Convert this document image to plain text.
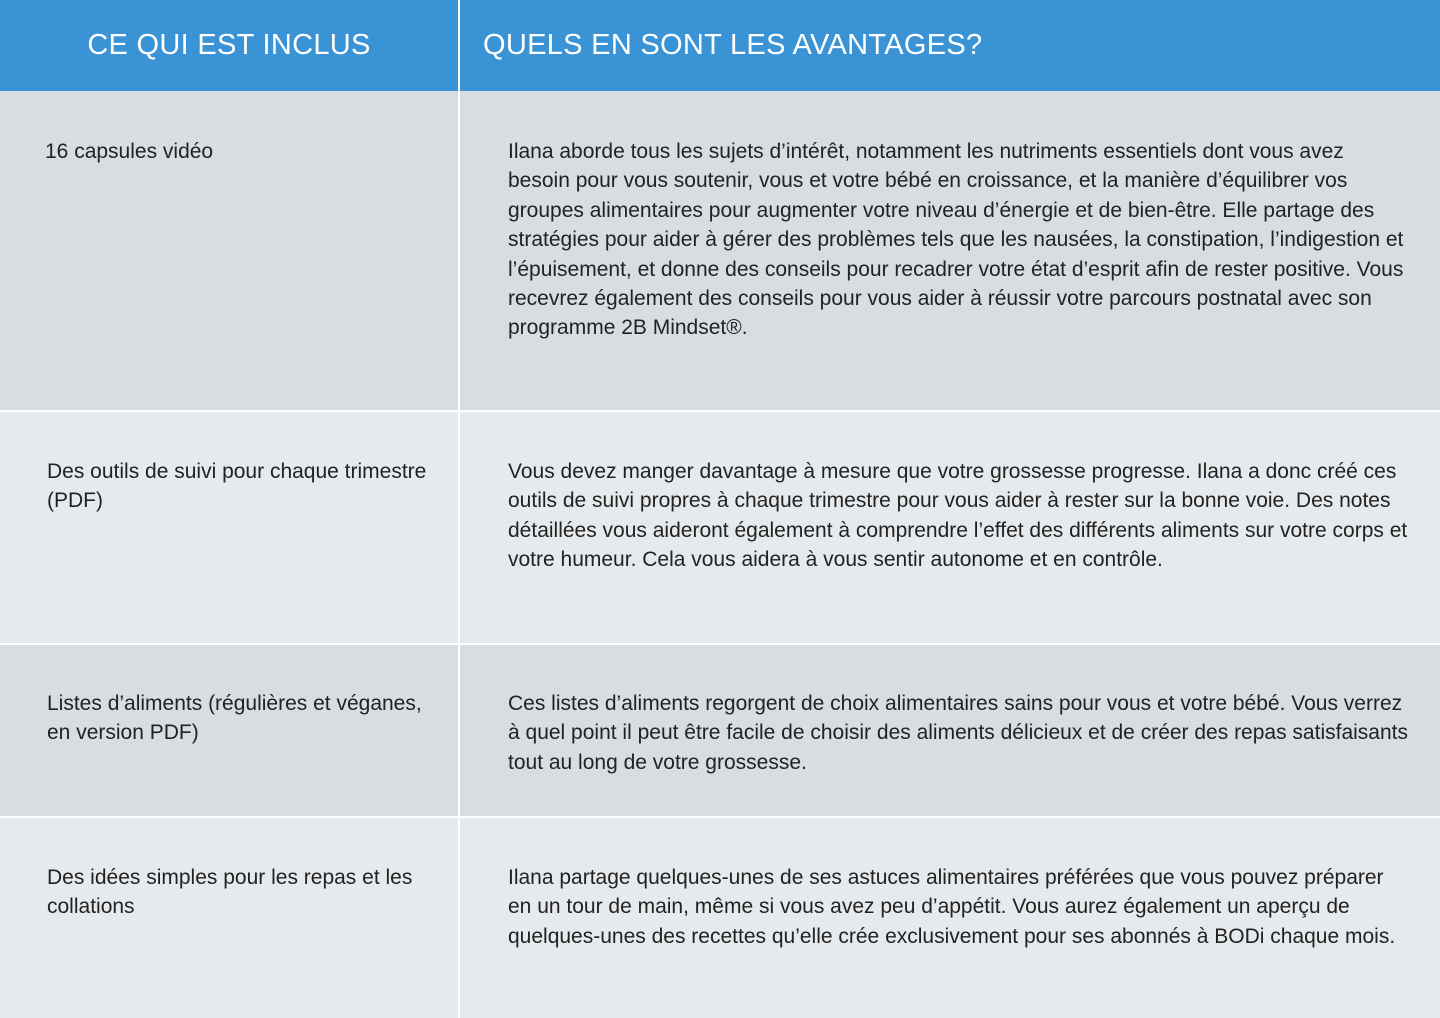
CE QUI EST INCLUS	QUELS EN SONT LES AVANTAGES?
16 capsules vidéo	Ilana aborde tous les sujets d’intérêt, notamment les nutriments essentiels dont vous avez besoin pour vous soutenir, vous et votre bébé en croissance, et la manière d’équilibrer vos groupes alimentaires pour augmenter votre niveau d’énergie et de bien-être. Elle partage des stratégies pour aider à gérer des problèmes tels que les nausées, la constipation, l’indigestion et l’épuisement, et donne des conseils pour recadrer votre état d’esprit afin de rester positive. Vous recevrez également des conseils pour vous aider à réussir votre parcours postnatal avec son programme 2B Mindset®.
Des outils de suivi pour chaque trimestre (PDF)
Vous devez manger davantage à mesure que votre grossesse progresse. Ilana a donc créé ces outils de suivi propres à chaque trimestre pour vous aider à rester sur la bonne voie. Des notes détaillées vous aideront également à comprendre l’effet des différents aliments sur votre corps et votre humeur. Cela vous aidera à vous sentir autonome et en contrôle.
Listes d’aliments (régulières et véganes, en version PDF)
Ces listes d’aliments regorgent de choix alimentaires sains pour vous et votre bébé. Vous verrez à quel point il peut être facile de choisir des aliments délicieux et de créer des repas satisfaisants tout au long de votre grossesse.
Des idées simples pour les repas et les collations
Ilana partage quelques-unes de ses astuces alimentaires préférées que vous pouvez préparer en un tour de main, même si vous avez peu d’appétit. Vous aurez également un aperçu de quelques-unes des recettes qu’elle crée exclusivement pour ses abonnés à BODi chaque mois.
